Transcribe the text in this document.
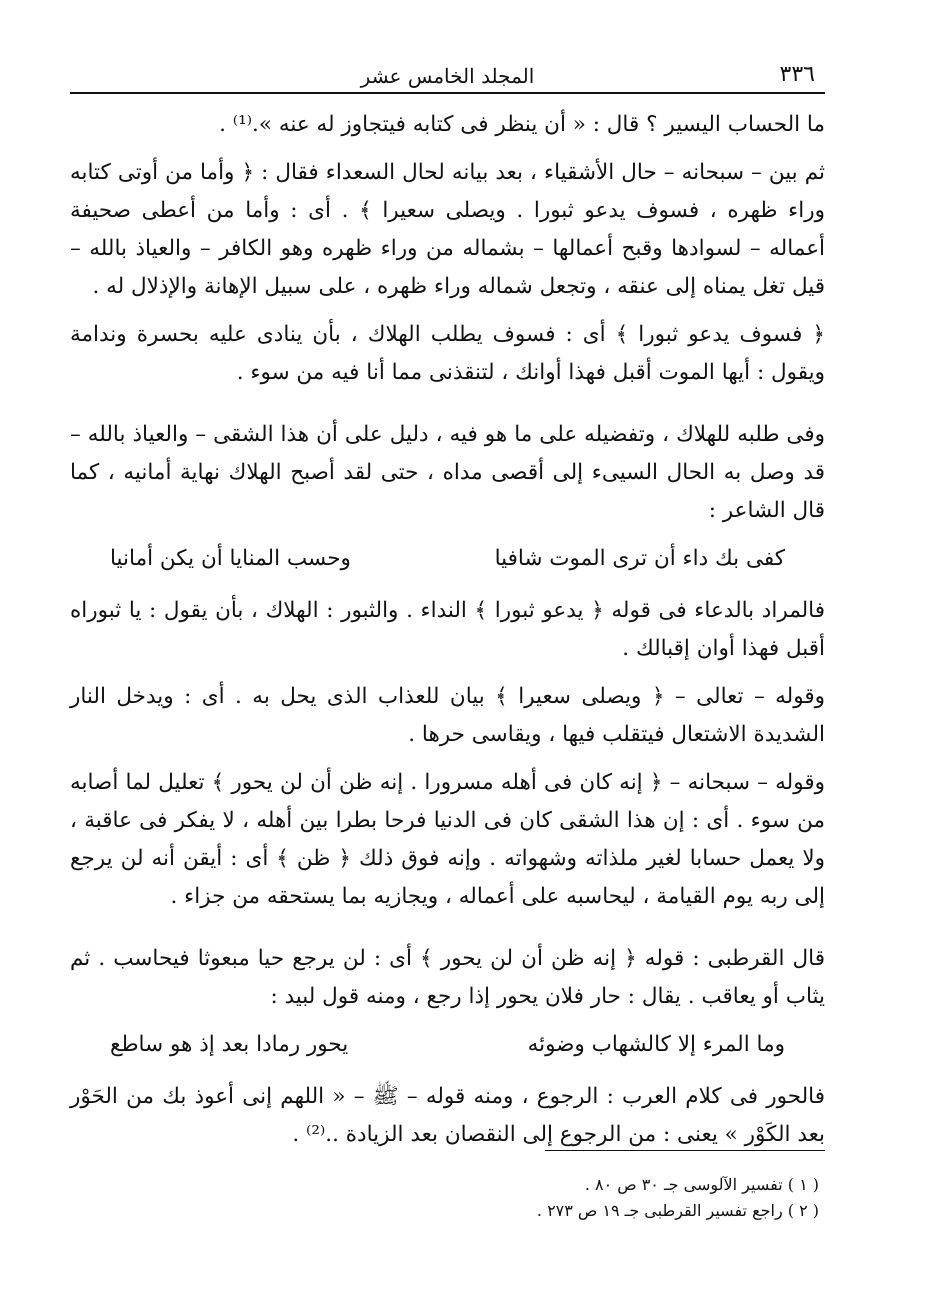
٣٣٦
المجلد الخامس عشر

ما الحساب اليسير ؟ قال : « أن ينظر فى كتابه فيتجاوز له عنه ».⁽¹⁾ .

ثم بين – سبحانه – حال الأشقياء ، بعد بيانه لحال السعداء فقال : ﴿ وأما من أوتى كتابه وراء ظهره ، فسوف يدعو ثبورا . ويصلى سعيرا ﴾ . أى : وأما من أعطى صحيفة أعماله – لسوادها وقبح أعمالها – بشماله من وراء ظهره وهو الكافر – والعياذ بالله – قيل تغل يمناه إلى عنقه ، وتجعل شماله وراء ظهره ، على سبيل الإهانة والإذلال له .

﴿ فسوف يدعو ثبورا ﴾ أى : فسوف يطلب الهلاك ، بأن ينادى عليه بحسرة وندامة ويقول : أيها الموت أقبل فهذا أوانك ، لتنقذنى مما أنا فيه من سوء .

وفى طلبه للهلاك ، وتفضيله على ما هو فيه ، دليل على أن هذا الشقى – والعياذ بالله – قد وصل به الحال السيىء إلى أقصى مداه ، حتى لقد أصبح الهلاك نهاية أمانيه ، كما قال الشاعر :

كفى بك داء أن ترى الموت شافيا
وحسب المنايا أن يكن أمانيا

فالمراد بالدعاء فى قوله ﴿ يدعو ثبورا ﴾ النداء . والثبور : الهلاك ، بأن يقول : يا ثبوراه أقبل فهذا أوان إقبالك .

وقوله – تعالى – ﴿ ويصلى سعيرا ﴾ بيان للعذاب الذى يحل به . أى : ويدخل النار الشديدة الاشتعال فيتقلب فيها ، ويقاسى حرها .

وقوله – سبحانه – ﴿ إنه كان فى أهله مسرورا . إنه ظن أن لن يحور ﴾ تعليل لما أصابه من سوء . أى : إن هذا الشقى كان فى الدنيا فرحا بطرا بين أهله ، لا يفكر فى عاقبة ، ولا يعمل حسابا لغير ملذاته وشهواته . وإنه فوق ذلك ﴿ ظن ﴾ أى : أيقن أنه لن يرجع إلى ربه يوم القيامة ، ليحاسبه على أعماله ، ويجازيه بما يستحقه من جزاء .

قال القرطبى : قوله ﴿ إنه ظن أن لن يحور ﴾ أى : لن يرجع حيا مبعوثا فيحاسب . ثم يثاب أو يعاقب . يقال : حار فلان يحور إذا رجع ، ومنه قول لبيد :

وما المرء إلا كالشهاب وضوئه
يحور رمادا بعد إذ هو ساطع

فالحور فى كلام العرب : الرجوع ، ومنه قوله – ﷺ – « اللهم إنى أعوذ بك من الحَوْر بعد الكَوْر » يعنى : من الرجوع إلى النقصان بعد الزيادة ..⁽²⁾ .

( ١ ) تفسير الآلوسى جـ ٣٠ ص ٨٠ .

( ٢ ) راجع تفسير القرطبى جـ ١٩ ص ٢٧٣ .
